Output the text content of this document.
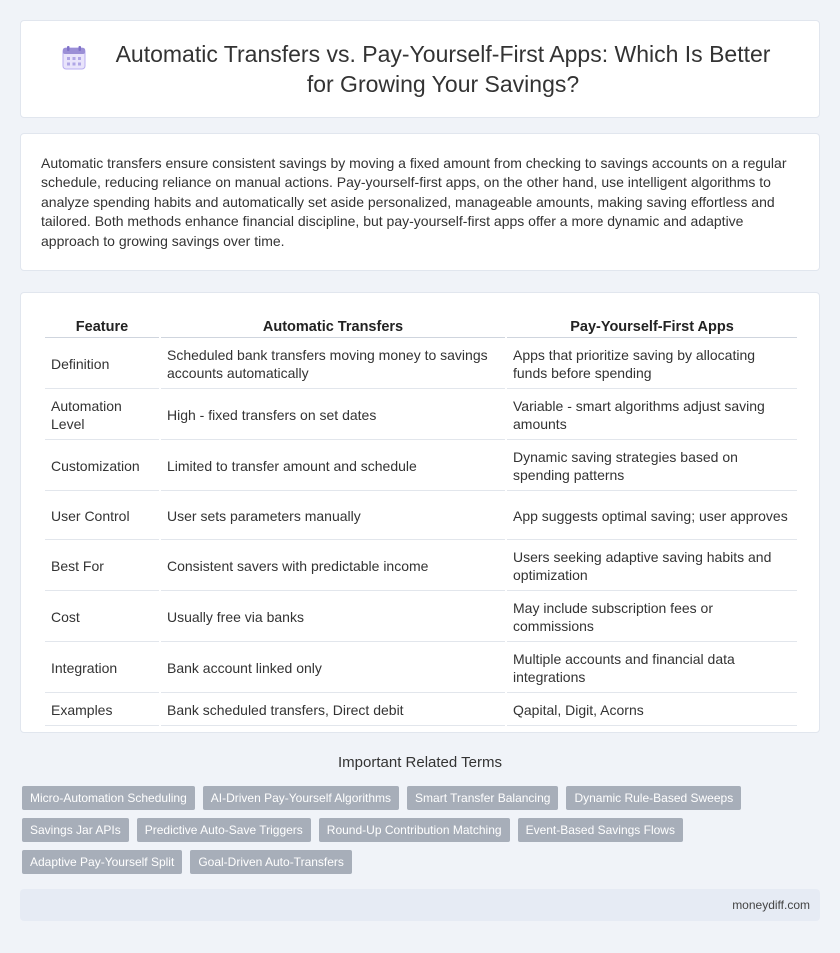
Automatic Transfers vs. Pay-Yourself-First Apps: Which Is Better for Growing Your Savings?

Automatic transfers ensure consistent savings by moving a fixed amount from checking to savings accounts on a regular schedule, reducing reliance on manual actions. Pay-yourself-first apps, on the other hand, use intelligent algorithms to analyze spending habits and automatically set aside personalized, manageable amounts, making saving effortless and tailored. Both methods enhance financial discipline, but pay-yourself-first apps offer a more dynamic and adaptive approach to growing savings over time.

Feature	Automatic Transfers	Pay-Yourself-First Apps
Definition	Scheduled bank transfers moving money to savings accounts automatically	Apps that prioritize saving by allocating funds before spending
Automation Level	High - fixed transfers on set dates	Variable - smart algorithms adjust saving amounts
Customization	Limited to transfer amount and schedule	Dynamic saving strategies based on spending patterns
User Control	User sets parameters manually	App suggests optimal saving; user approves
Best For	Consistent savers with predictable income	Users seeking adaptive saving habits and optimization
Cost	Usually free via banks	May include subscription fees or commissions
Integration	Bank account linked only	Multiple accounts and financial data integrations
Examples	Bank scheduled transfers, Direct debit	Qapital, Digit, Acorns
Important Related Terms
Micro-Automation Scheduling	AI-Driven Pay-Yourself Algorithms	Smart Transfer Balancing	Dynamic Rule-Based Sweeps
Savings Jar APIs	Predictive Auto-Save Triggers	Round-Up Contribution Matching	Event-Based Savings Flows
Adaptive Pay-Yourself Split	Goal-Driven Auto-Transfers
moneydiff.com
